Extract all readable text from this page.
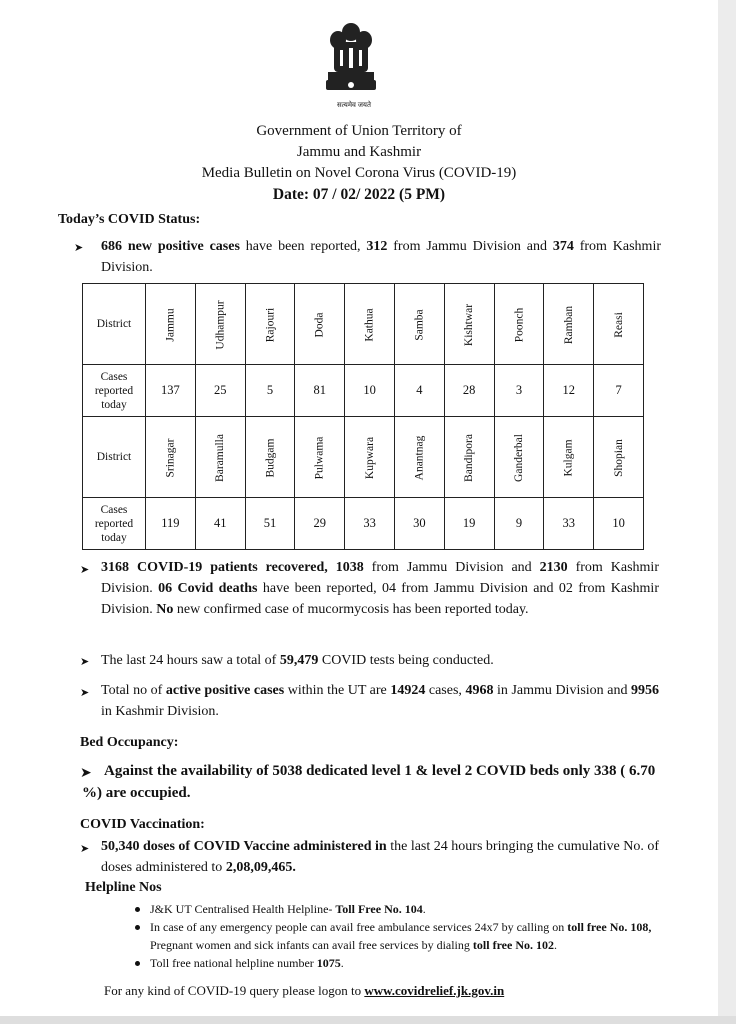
सत्यमेव जयते
Government of Union Territory of
Jammu and Kashmir
Media Bulletin on Novel Corona Virus (COVID-19)
Date: 07 / 02/ 2022 (5 PM)
Today’s COVID Status:
➤ 686 new positive cases have been reported, 312 from Jammu Division and 374 from Kashmir Division.
District	Jammu	Udhampur	Rajouri	Doda	Kathua	Samba	Kishtwar	Poonch	Ramban	Reasi
Cases
reported
today	137	25	5	81	10	4	28	3	12	7
District	Srinagar	Baramulla	Budgam	Pulwama	Kupwara	Anantnag	Bandipora	Ganderbal	Kulgam	Shopian
Cases
reported
today	119	41	51	29	33	30	19	9	33	10
➤ 3168 COVID-19 patients recovered, 1038 from Jammu Division and 2130 from Kashmir Division. 06 Covid deaths have been reported, 04 from Jammu Division and 02 from Kashmir Division. No new confirmed case of mucormycosis has been reported today.
➤ The last 24 hours saw a total of 59,479 COVID tests being conducted.
➤ Total no of active positive cases within the UT are 14924 cases, 4968 in Jammu Division and 9956 in Kashmir Division.
Bed Occupancy:
Against the availability of 5038 dedicated level 1 & level 2 COVID beds only 338 ( 6.70 %) are occupied.
➤
COVID Vaccination:
➤ 50,340 doses of COVID Vaccine administered in the last 24 hours bringing the cumulative No. of doses administered to 2,08,09,465.
Helpline Nos
J&K UT Centralised Health Helpline- Toll Free No. 104.
In case of any emergency people can avail free ambulance services 24x7 by calling on toll free No. 108, Pregnant women and sick infants can avail free services by dialing toll free No. 102.
Toll free national helpline number 1075.
For any kind of COVID-19 query please logon to www.covidrelief.jk.gov.in
